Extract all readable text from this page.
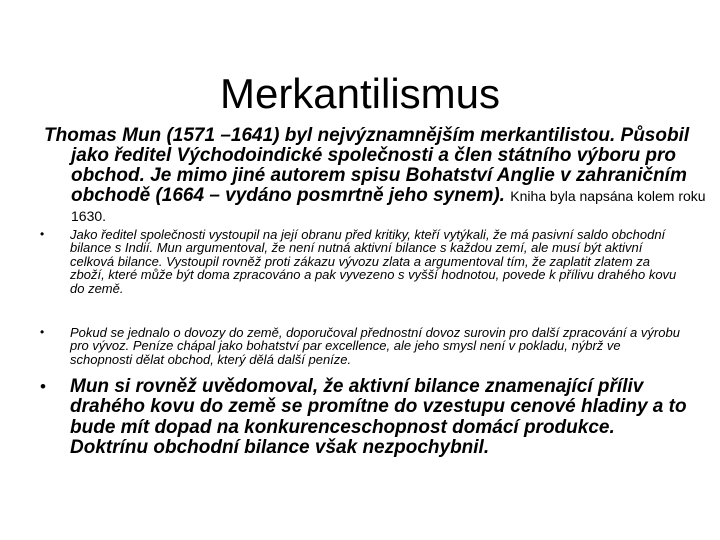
Merkantilismus
Thomas Mun (1571 –1641) byl nejvýznamnějším merkantilistou. Působil jako ředitel Východoindické společnosti a člen státního výboru pro obchod. Je mimo jiné autorem spisu Bohatství Anglie v zahraničním obchodě (1664 – vydáno posmrtně jeho synem). Kniha byla napsána kolem roku 1630.
•	Jako ředitel společnosti vystoupil na její obranu před kritiky, kteří vytýkali, že má pasivní saldo obchodní bilance s Indií. Mun argumentoval, že není nutná aktivní bilance s každou zemí, ale musí být aktivní celková bilance. Vystoupil rovněž proti zákazu vývozu zlata a argumentoval tím, že zaplatit zlatem za zboží, které může být doma zpracováno a pak vyvezeno s vyšší hodnotou, povede k přílivu drahého kovu do země.
•	Pokud se jednalo o dovozy do země, doporučoval přednostní dovoz surovin pro další zpracování a výrobu pro vývoz. Peníze chápal jako bohatství par excellence, ale jeho smysl není v pokladu, nýbrž ve schopnosti dělat obchod, který dělá další peníze.
•	Mun si rovněž uvědomoval, že aktivní bilance znamenající příliv drahého kovu do země se promítne do vzestupu cenové hladiny a to bude mít dopad na konkurenceschopnost domácí produkce. Doktrínu obchodní bilance však nezpochybnil.
